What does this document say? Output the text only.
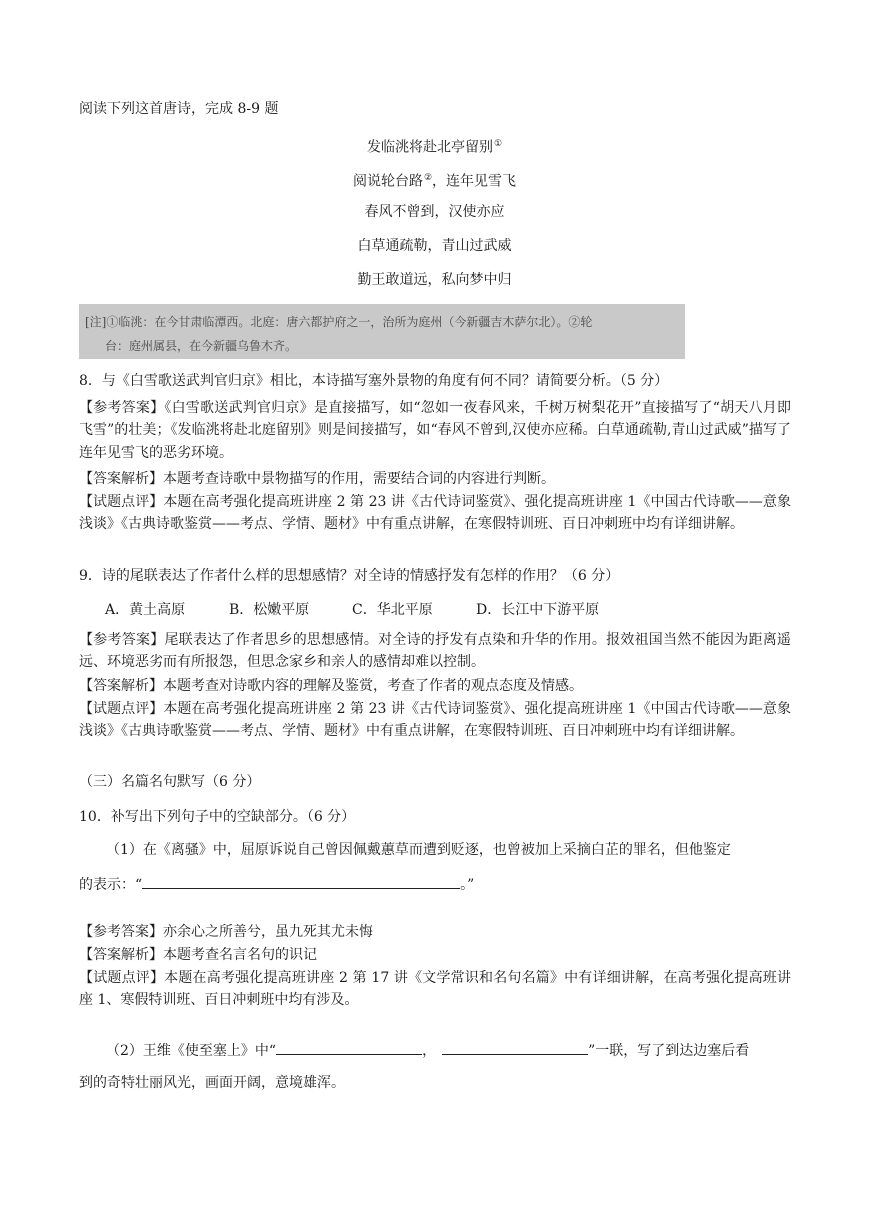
阅读下列这首唐诗，完成 8-9 题
发临洮将赴北亭留别①
阅说轮台路②，连年见雪飞
春风不曾到，汉使亦应
白草通疏勒，青山过武威
勤王敢道远，私向梦中归
[注]①临洮：在今甘肃临潭西。北庭：唐六都护府之一，治所为庭州（今新疆吉木萨尔北）。②轮
台：庭州属县，在今新疆乌鲁木齐。
8．与《白雪歌送武判官归京》相比，本诗描写塞外景物的角度有何不同？请简要分析。（5 分）
【参考答案】《白雪歌送武判官归京》是直接描写，如“忽如一夜春风来，千树万树梨花开”直接描写了“胡天八月即飞雪”的壮美；《发临洮将赴北庭留别》则是间接描写，如“春风不曾到,汉使亦应稀。白草通疏勒,青山过武威”描写了连年见雪飞的恶劣环境。
【答案解析】本题考查诗歌中景物描写的作用，需要结合词的内容进行判断。
【试题点评】本题在高考强化提高班讲座 2 第 23 讲《古代诗词鉴赏》、强化提高班讲座 1《中国古代诗歌——意象浅谈》《古典诗歌鉴赏——考点、学情、题材》中有重点讲解，在寒假特训班、百日冲刺班中均有详细讲解。
9．诗的尾联表达了作者什么样的思想感情？对全诗的情感抒发有怎样的作用？（6 分）
A．黄土高原	B．松嫩平原	C．华北平原	D．长江中下游平原
【参考答案】尾联表达了作者思乡的思想感情。对全诗的抒发有点染和升华的作用。报效祖国当然不能因为距离遥远、环境恶劣而有所报怨，但思念家乡和亲人的感情却难以控制。
【答案解析】本题考查对诗歌内容的理解及鉴赏，考查了作者的观点态度及情感。
【试题点评】本题在高考强化提高班讲座 2 第 23 讲《古代诗词鉴赏》、强化提高班讲座 1《中国古代诗歌——意象浅谈》《古典诗歌鉴赏——考点、学情、题材》中有重点讲解，在寒假特训班、百日冲刺班中均有详细讲解。
（三）名篇名句默写（6 分）
10．补写出下列句子中的空缺部分。（6 分）
（1）在《离骚》中，屈原诉说自己曾因佩戴蕙草而遭到贬逐，也曾被加上采摘白芷的罪名，但他鉴定
的表示：“	。”
【参考答案】亦余心之所善兮，虽九死其尤未悔
【答案解析】本题考查名言名句的识记
【试题点评】本题在高考强化提高班讲座 2 第 17 讲《文学常识和名句名篇》中有详细讲解，在高考强化提高班讲座 1、寒假特训班、百日冲刺班中均有涉及。
（2）王维《使至塞上》中“	，	”一联，写了到达边塞后看
到的奇特壮丽风光，画面开阔，意境雄浑。
